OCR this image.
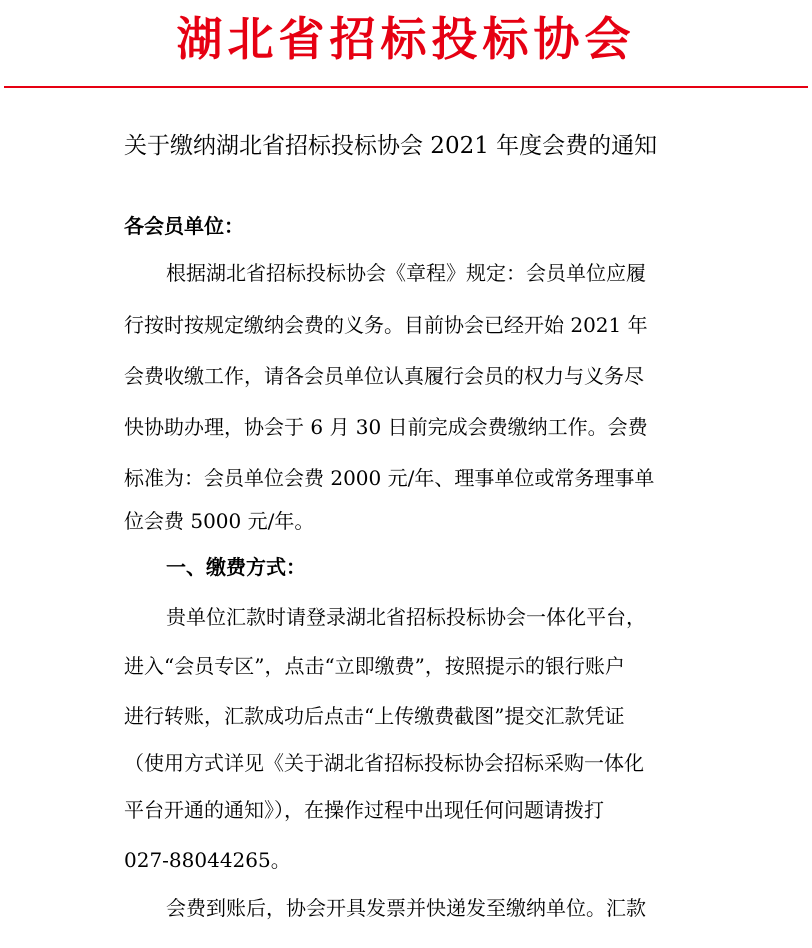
湖北省招标投标协会
关于缴纳湖北省招标投标协会 2021 年度会费的通知
各会员单位：
根据湖北省招标投标协会《章程》规定：会员单位应履
行按时按规定缴纳会费的义务。目前协会已经开始 2021 年
会费收缴工作，请各会员单位认真履行会员的权力与义务尽
快协助办理，协会于 6 月 30 日前完成会费缴纳工作。会费
标准为：会员单位会费 2000 元/年、理事单位或常务理事单
位会费 5000 元/年。
一、缴费方式：
贵单位汇款时请登录湖北省招标投标协会一体化平台，
进入“会员专区”，点击“立即缴费”，按照提示的银行账户
进行转账，汇款成功后点击“上传缴费截图”提交汇款凭证
（使用方式详见《关于湖北省招标投标协会招标采购一体化
平台开通的通知》），在操作过程中出现任何问题请拨打
027-88044265。
会费到账后，协会开具发票并快递发至缴纳单位。汇款
